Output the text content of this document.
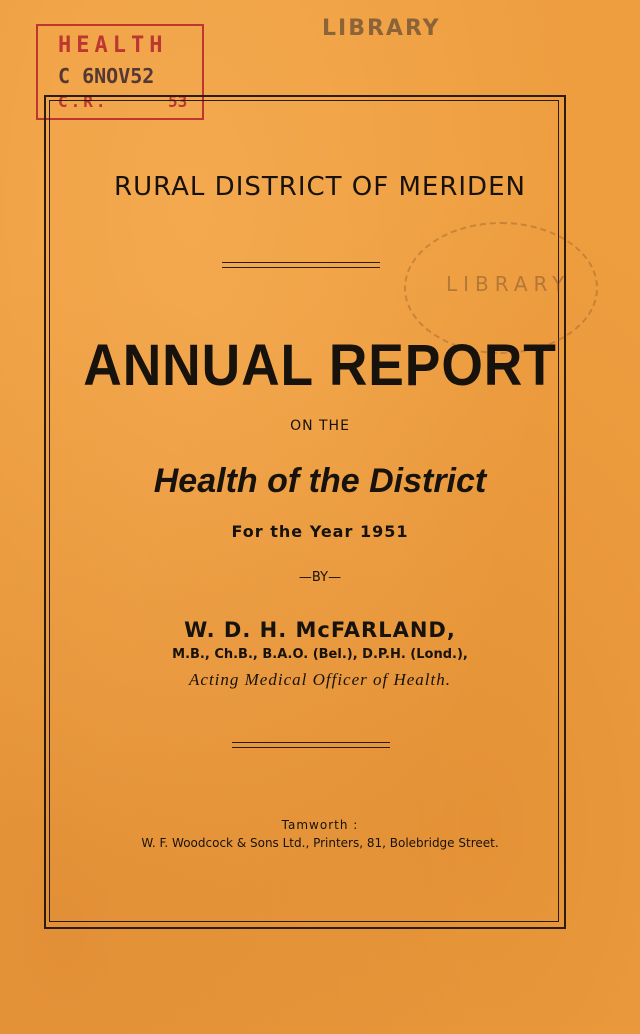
HEALTH
C 6NOV52
C.R.	53
LIBRARY
LIBRARY
RURAL DISTRICT OF MERIDEN
ANNUAL REPORT
ON THE
Health of the District
For the Year 1951
—BY—
W. D. H. McFARLAND,
M.B., Ch.B., B.A.O. (Bel.), D.P.H. (Lond.),
Acting Medical Officer of Health.
Tamworth :
W. F. Woodcock & Sons Ltd., Printers, 81, Bolebridge Street.
